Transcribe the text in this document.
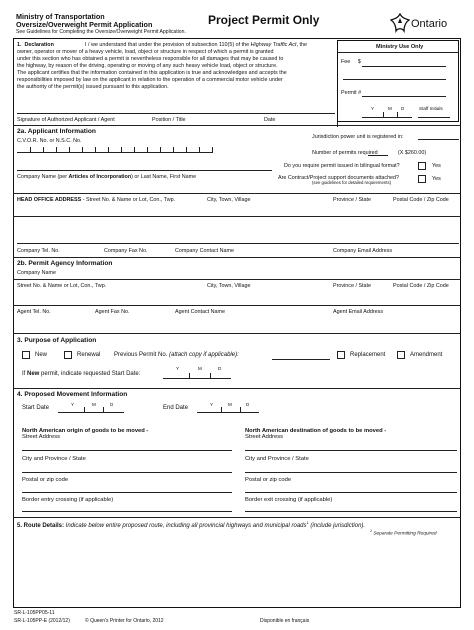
Ministry of Transportation
Oversize/Overweight Permit Application
See Guidelines for Completing the Oversize/Overweight Permit Application.
Project Permit Only	Ontario
1. Declaration	I / we understand that under the provision of subsection 110(5) of the Highway Traffic Act, the
owner, operator or mover of a heavy vehicle, load, object or structure in respect of which a permit is granted
under this section who has obtained a permit is nevertheless responsible for all damages that may be caused to
the highway, by reason of the driving, operating or moving of any such heavy vehicle load, object or structure.
The applicant certifies that the information contained in this application is true and acknowledges and accepts the
responsibilities imposed by law on the applicant in relation to the operation of a commercial motor vehicle under
the authority of the permit(s) issued pursuant to this application.
Signature of Authorized Applicant / Agent	Position / Title	Date
Ministry Use Only
Fee $
Permit #
Y	M D	Staff Initials
2a. Applicant Information
C.V.O.R. No. or N.S.C. No.
Jurisdiction power unit is registered in:
Number of permits required	(X $260.00)
Do you require permit issued in bilingual format?	Yes
Are Contract/Project support documents attached?
(see guidelines for detailed requirements)
Yes
Company Name (per Articles of Incorporation) or Last Name, First Name
HEAD OFFICE ADDRESS - Street No. & Name or Lot, Con., Twp.	City, Town, Village	Province / State	Postal Code / Zip Code
Company Tel. No.	Company Fax No.	Company Contact Name	Company Email Address
2b. Permit Agency Information
Company Name
Street No. & Name or Lot, Con., Twp.	City, Town, Village	Province / State	Postal Code / Zip Code
Agent Tel. No.	Agent Fax No.	Agent Contact Name	Agent Email Address
3. Purpose of Application
New	Renewal Previous Permit No. (attach copy if applicable):	Replacement	Amendment
Y	M	D
If New permit, indicate requested Start Date:
4. Proposed Movement Information
Y	M	D
Start Date
Y	M	D
End Date
North American origin of goods to be moved -
Street Address
City and Province / State
Postal or zip code
Border entry crossing (if applicable)
North American destination of goods to be moved -
Street Address
City and Province / State
Postal or zip code
Border exit crossing (if applicable)
5. Route Details: Indicate below entire proposed route, including all provincial highways and municipal roads$^1$ (include jurisdiction).
$^1$ Separate Permitting Required
SR-L-105PP05-11
SR-L-105PP-E (2012/12)	© Queen's Printer for Ontario, 2012	Disponible en français
